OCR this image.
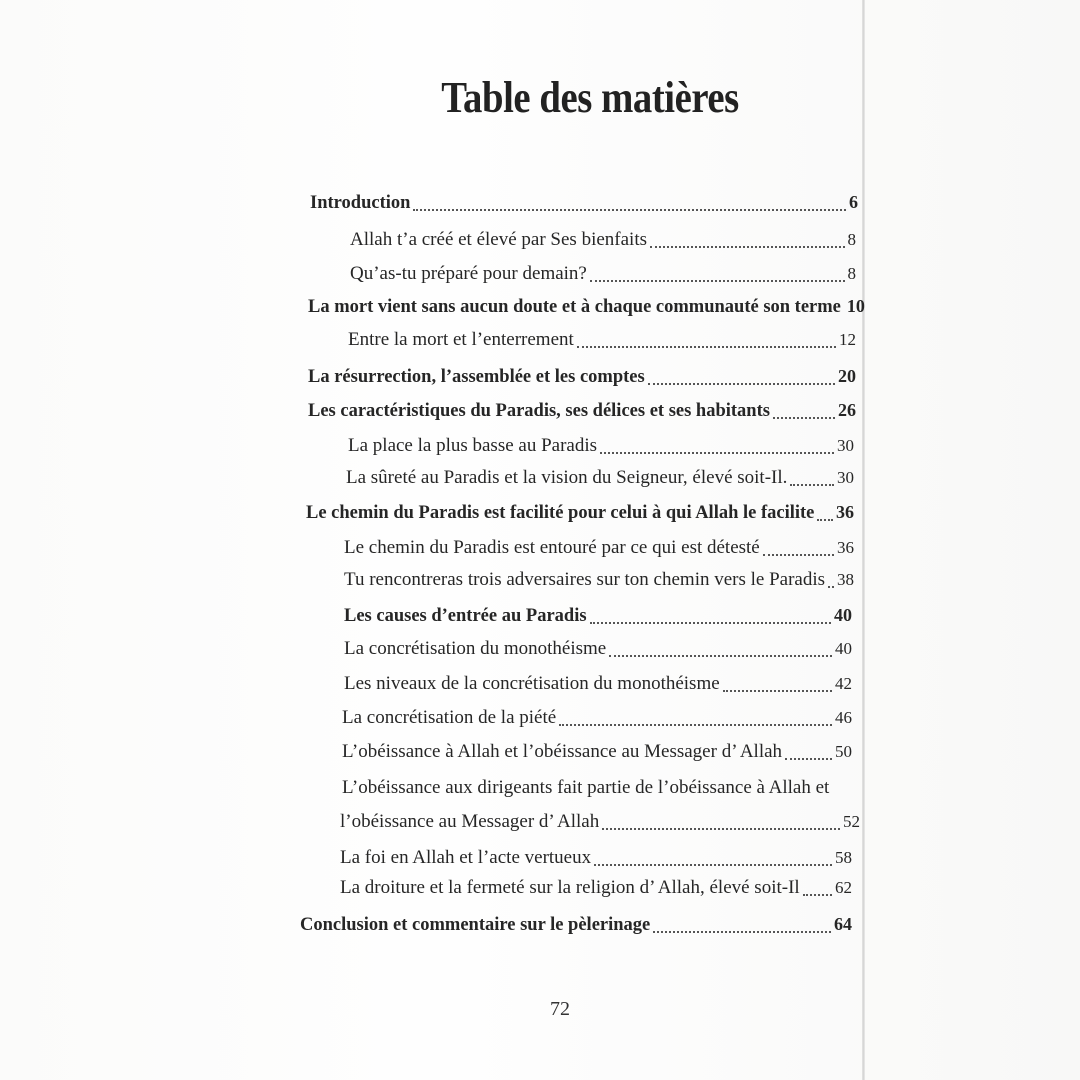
Table des matières
Introduction	6
Allah t’a créé et élevé par Ses bienfaits	8
Qu’as-tu préparé pour demain?	8
La mort vient sans aucun doute et à chaque communauté son terme 10
Entre la mort et l’enterrement	12
La résurrection, l’assemblée et les comptes	20
Les caractéristiques du Paradis, ses délices et ses habitants	26
La place la plus basse au Paradis	30
La sûreté au Paradis et la vision du Seigneur, élevé soit-Il.	30
Le chemin du Paradis est facilité pour celui à qui Allah le facilite 36
Le chemin du Paradis est entouré par ce qui est détesté	36
Tu rencontreras trois adversaires sur ton chemin vers le Paradis 38
Les causes d’entrée au Paradis	40
La concrétisation du monothéisme	40
Les niveaux de la concrétisation du monothéisme	42
La concrétisation de la piété	46
L’obéissance à Allah et l’obéissance au Messager d’ Allah	50
L’obéissance aux dirigeants fait partie de l’obéissance à Allah et
l’obéissance au Messager d’ Allah	52
La foi en Allah et l’acte vertueux	58
La droiture et la fermeté sur la religion d’ Allah, élevé soit-Il 62
Conclusion et commentaire sur le pèlerinage	64
72
